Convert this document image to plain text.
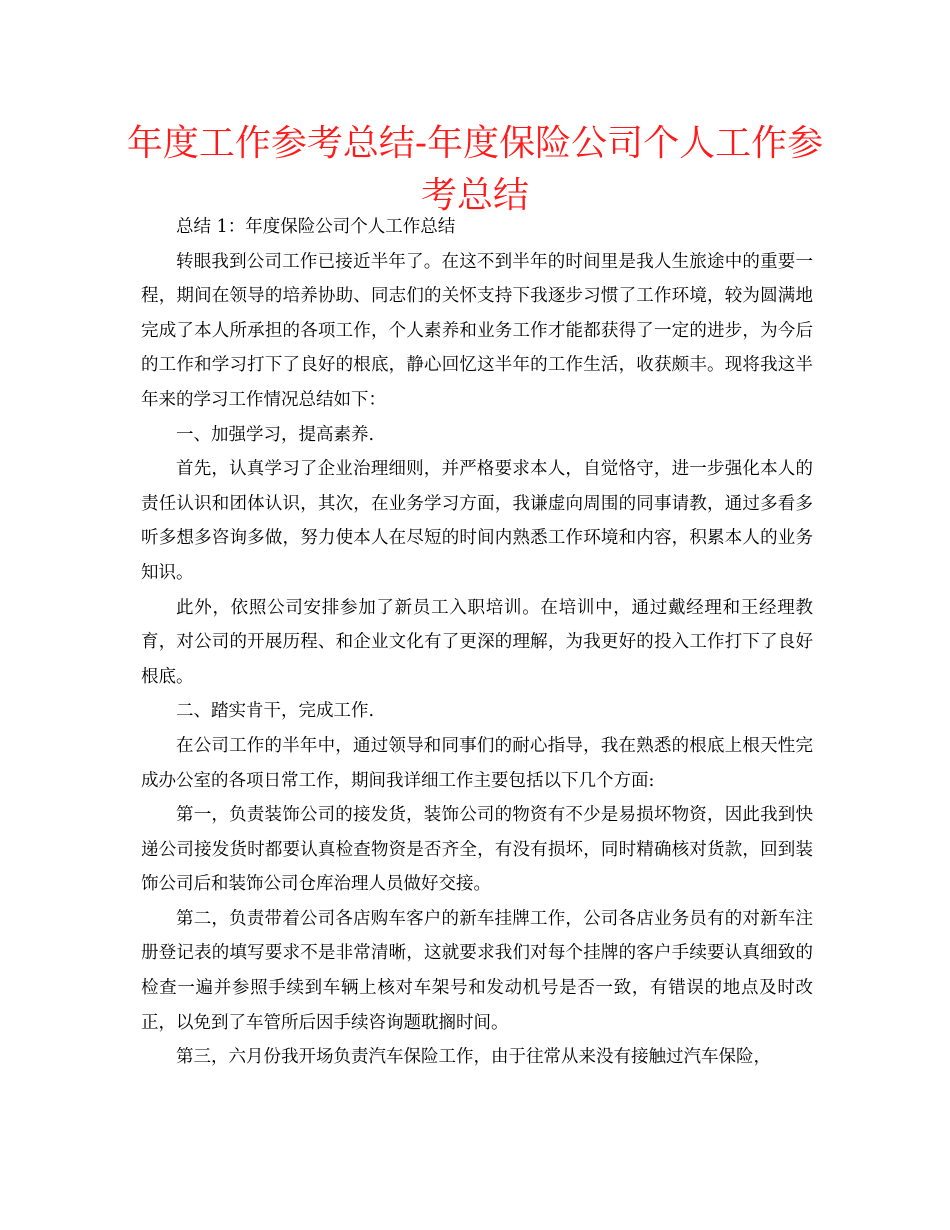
年度工作参考总结-年度保险公司个人工作参考总结

总结 1：年度保险公司个人工作总结

转眼我到公司工作已接近半年了。在这不到半年的时间里是我人生旅途中的重要一程，期间在领导的培养协助、同志们的关怀支持下我逐步习惯了工作环境，较为圆满地完成了本人所承担的各项工作，个人素养和业务工作才能都获得了一定的进步，为今后的工作和学习打下了良好的根底，静心回忆这半年的工作生活，收获颇丰。现将我这半年来的学习工作情况总结如下：

一、加强学习，提高素养.

首先，认真学习了企业治理细则，并严格要求本人，自觉恪守，进一步强化本人的责任认识和团体认识，其次，在业务学习方面，我谦虚向周围的同事请教，通过多看多听多想多咨询多做，努力使本人在尽短的时间内熟悉工作环境和内容，积累本人的业务知识。

此外，依照公司安排参加了新员工入职培训。在培训中，通过戴经理和王经理教育，对公司的开展历程、和企业文化有了更深的理解，为我更好的投入工作打下了良好根底。

二、踏实肯干，完成工作.

在公司工作的半年中，通过领导和同事们的耐心指导，我在熟悉的根底上根天性完成办公室的各项日常工作，期间我详细工作主要包括以下几个方面:

第一，负责装饰公司的接发货，装饰公司的物资有不少是易损坏物资，因此我到快递公司接发货时都要认真检查物资是否齐全，有没有损坏，同时精确核对货款，回到装饰公司后和装饰公司仓库治理人员做好交接。

第二，负责带着公司各店购车客户的新车挂牌工作，公司各店业务员有的对新车注册登记表的填写要求不是非常清晰，这就要求我们对每个挂牌的客户手续要认真细致的检查一遍并参照手续到车辆上核对车架号和发动机号是否一致，有错误的地点及时改正，以免到了车管所后因手续咨询题耽搁时间。

第三，六月份我开场负责汽车保险工作，由于往常从来没有接触过汽车保险，
